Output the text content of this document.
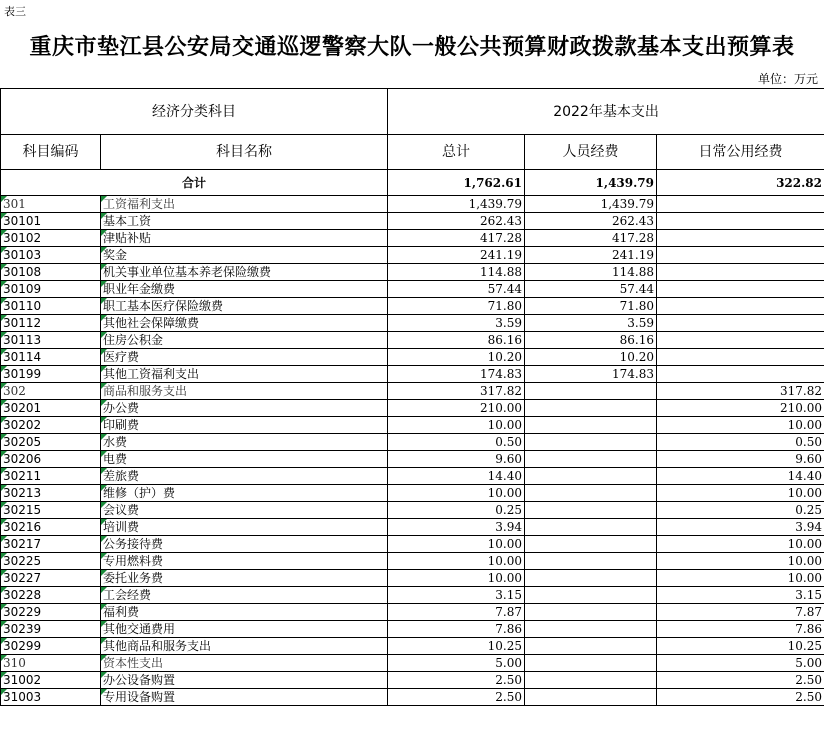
表三
重庆市垫江县公安局交通巡逻警察大队一般公共预算财政拨款基本支出预算表
单位：万元
经济分类科目		2022年基本支出		
科目编码	科目名称	总计	人员经费	日常公用经费
合计		1,762.61	1,439.79	322.82

301	工资福利支出	1,439.79	1,439.79	

30101	基本工资	262.43	262.43	

30102	津贴补贴	417.28	417.28	

30103	奖金	241.19	241.19	

30108	机关事业单位基本养老保险缴费	114.88	114.88	

30109	职业年金缴费	57.44	57.44	

30110	职工基本医疗保险缴费	71.80	71.80	

30112	其他社会保障缴费	3.59	3.59	

30113	住房公积金	86.16	86.16	

30114	医疗费	10.20	10.20	

30199	其他工资福利支出	174.83	174.83	

302	商品和服务支出	317.82		317.82

30201	办公费	210.00		210.00

30202	印刷费	10.00		10.00

30205	水费	0.50		0.50

30206	电费	9.60		9.60

30211	差旅费	14.40		14.40

30213	维修（护）费	10.00		10.00

30215	会议费	0.25		0.25

30216	培训费	3.94		3.94

30217	公务接待费	10.00		10.00

30225	专用燃料费	10.00		10.00

30227	委托业务费	10.00		10.00

30228	工会经费	3.15		3.15

30229	福利费	7.87		7.87

30239	其他交通费用	7.86		7.86

30299	其他商品和服务支出	10.25		10.25

310	资本性支出	5.00		5.00

31002	办公设备购置	2.50		2.50

31003	专用设备购置	2.50		2.50
